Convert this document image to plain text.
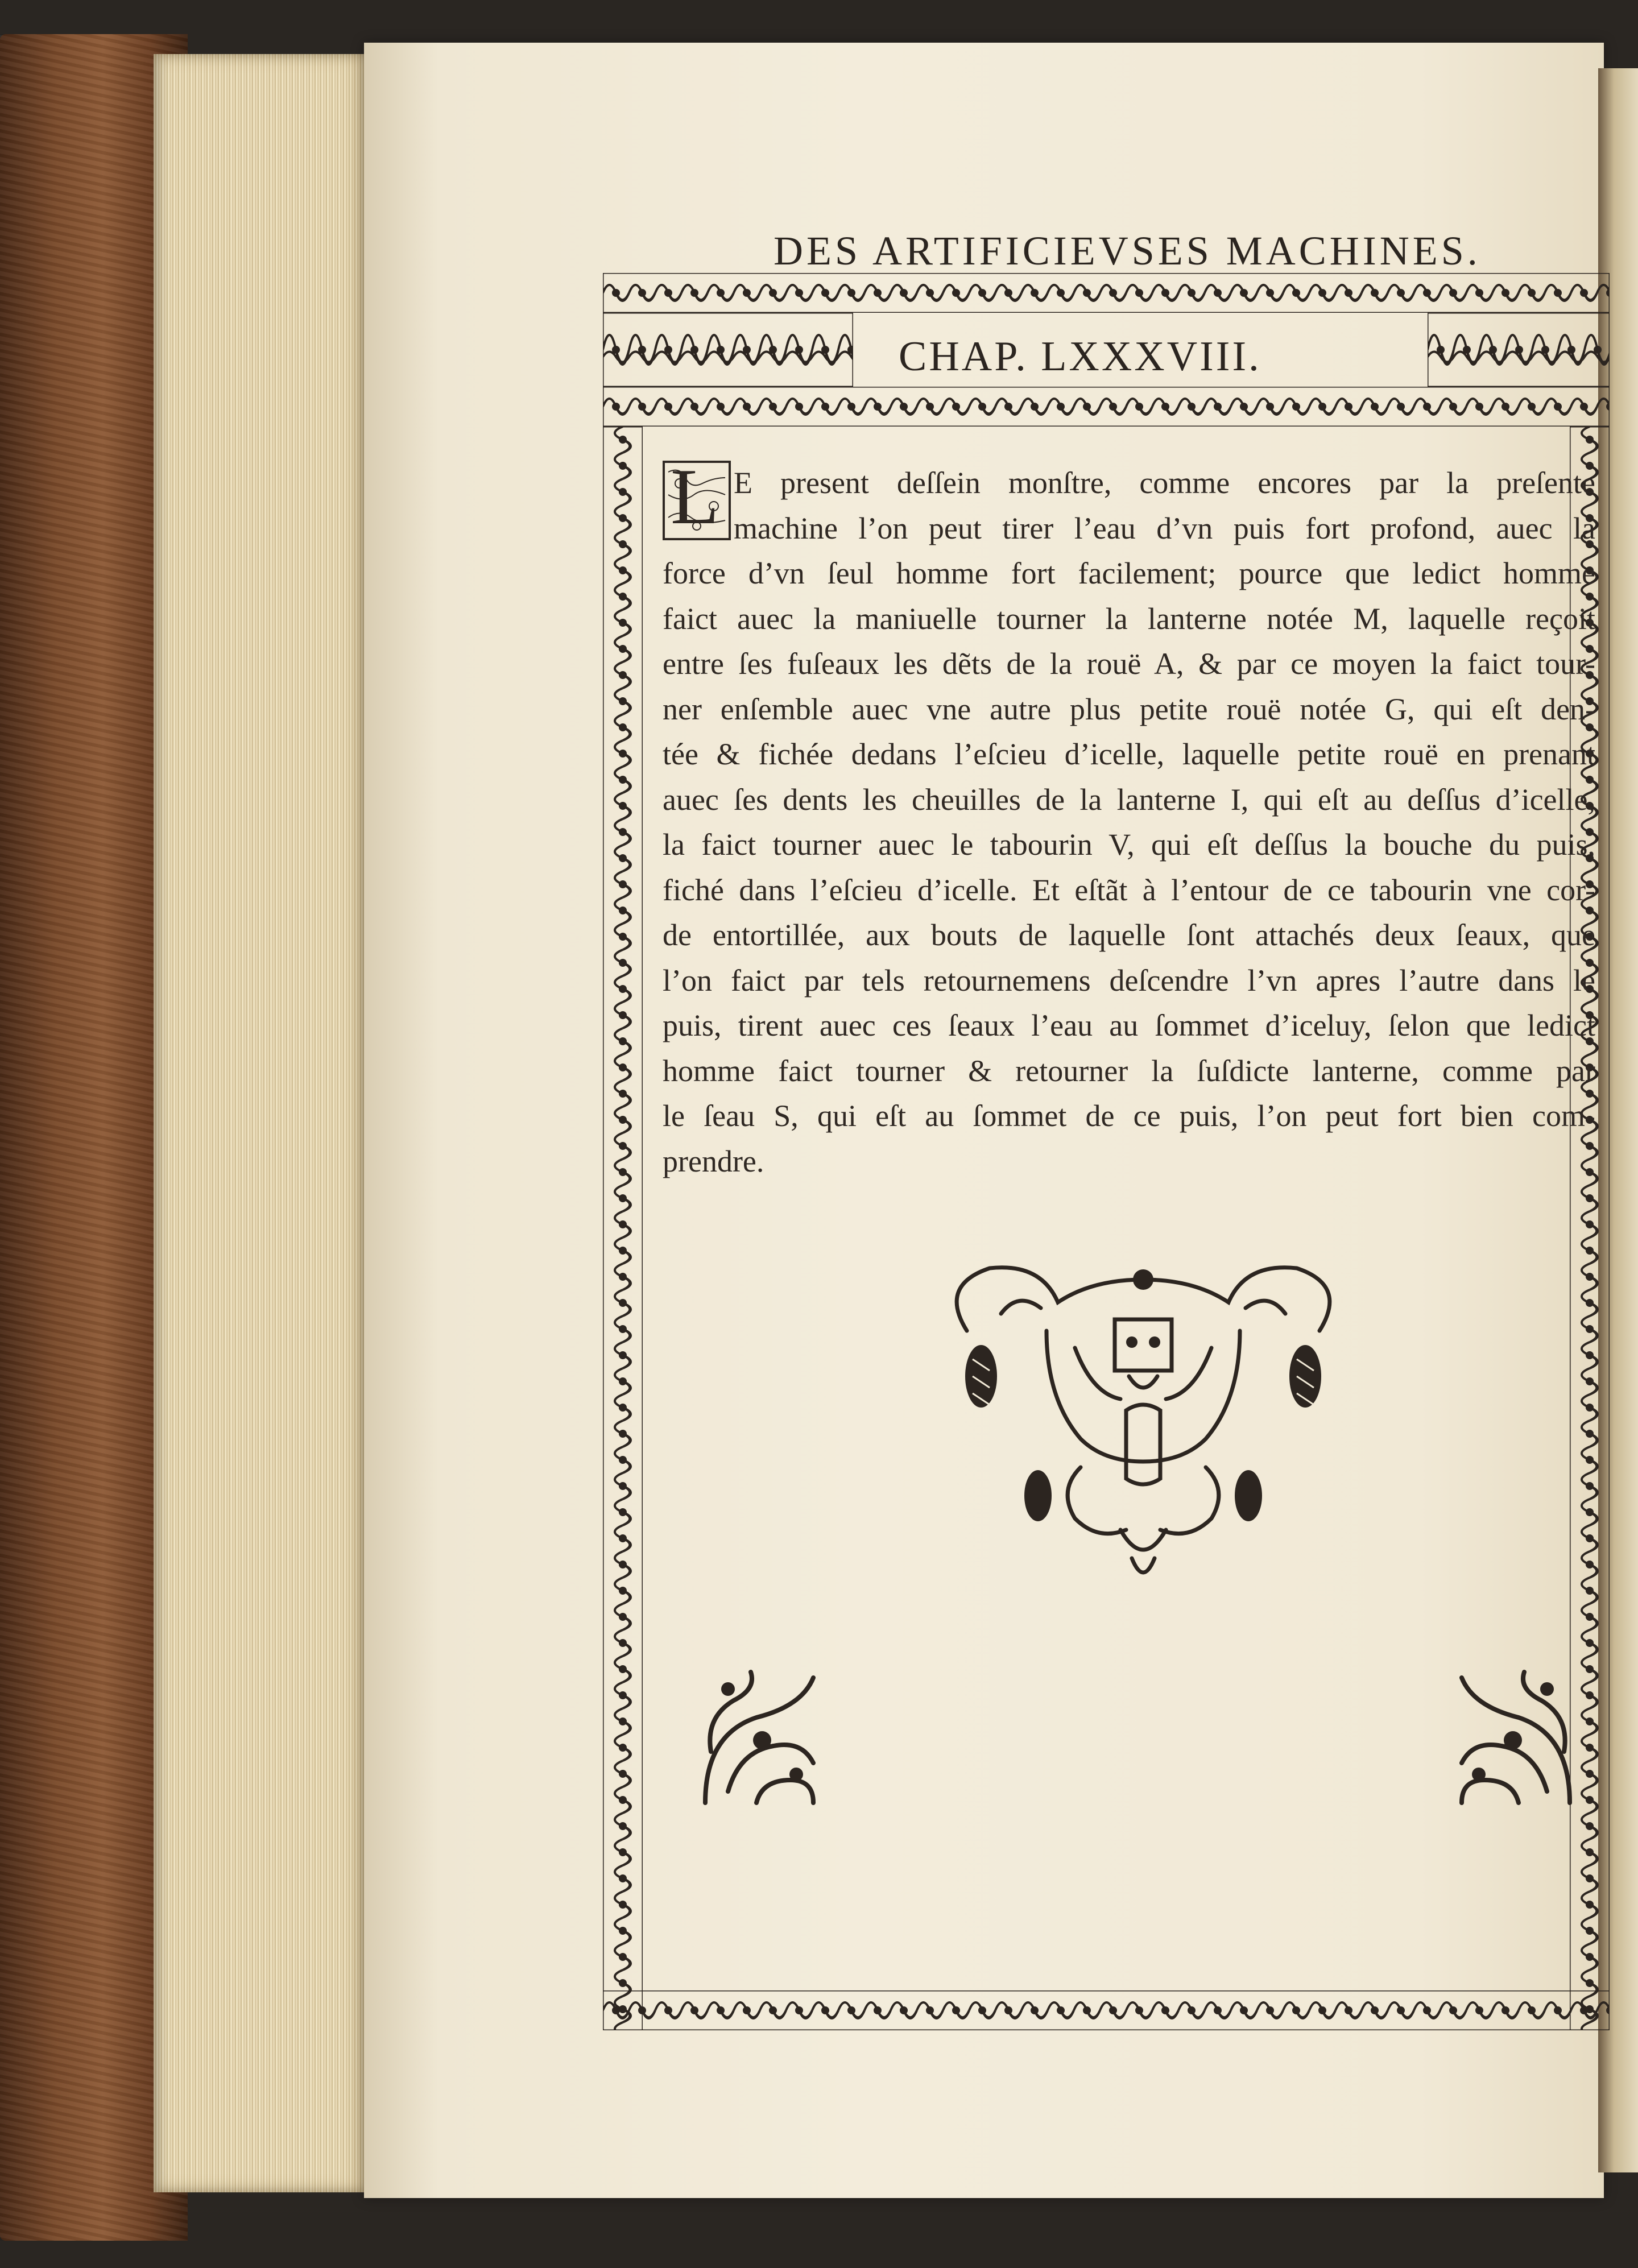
DES ARTIFICIEVSES MACHINES.
CHAP. LXXXVIII.
L E present deſſein monſtre, comme encores par la preſente
machine l’on peut tirer l’eau d’vn puis fort profond, auec la
force d’vn ſeul homme fort facilement; pource que ledict homme
faict auec la maniuelle tourner la lanterne notée M, laquelle reçoit
entre ſes fuſeaux les dẽts de la rouë A, & par ce moyen la faict tour-
ner enſemble auec vne autre plus petite rouë notée G, qui eſt den-
tée & fichée dedans l’eſcieu d’icelle, laquelle petite rouë en prenant
auec ſes dents les cheuilles de la lanterne I, qui eſt au deſſus d’icelle,
la faict tourner auec le tabourin V, qui eſt deſſus la bouche du puis,
fiché dans l’eſcieu d’icelle. Et eſtãt à l’entour de ce tabourin vne cor-
de entortillée, aux bouts de laquelle ſont attachés deux ſeaux, que
l’on faict par tels retournemens deſcendre l’vn apres l’autre dans le
puis, tirent auec ces ſeaux l’eau au ſommet d’iceluy, ſelon que ledict
homme faict tourner & retourner la ſuſdicte lanterne, comme par
le ſeau S, qui eſt au ſommet de ce puis, l’on peut fort bien com-
prendre.
